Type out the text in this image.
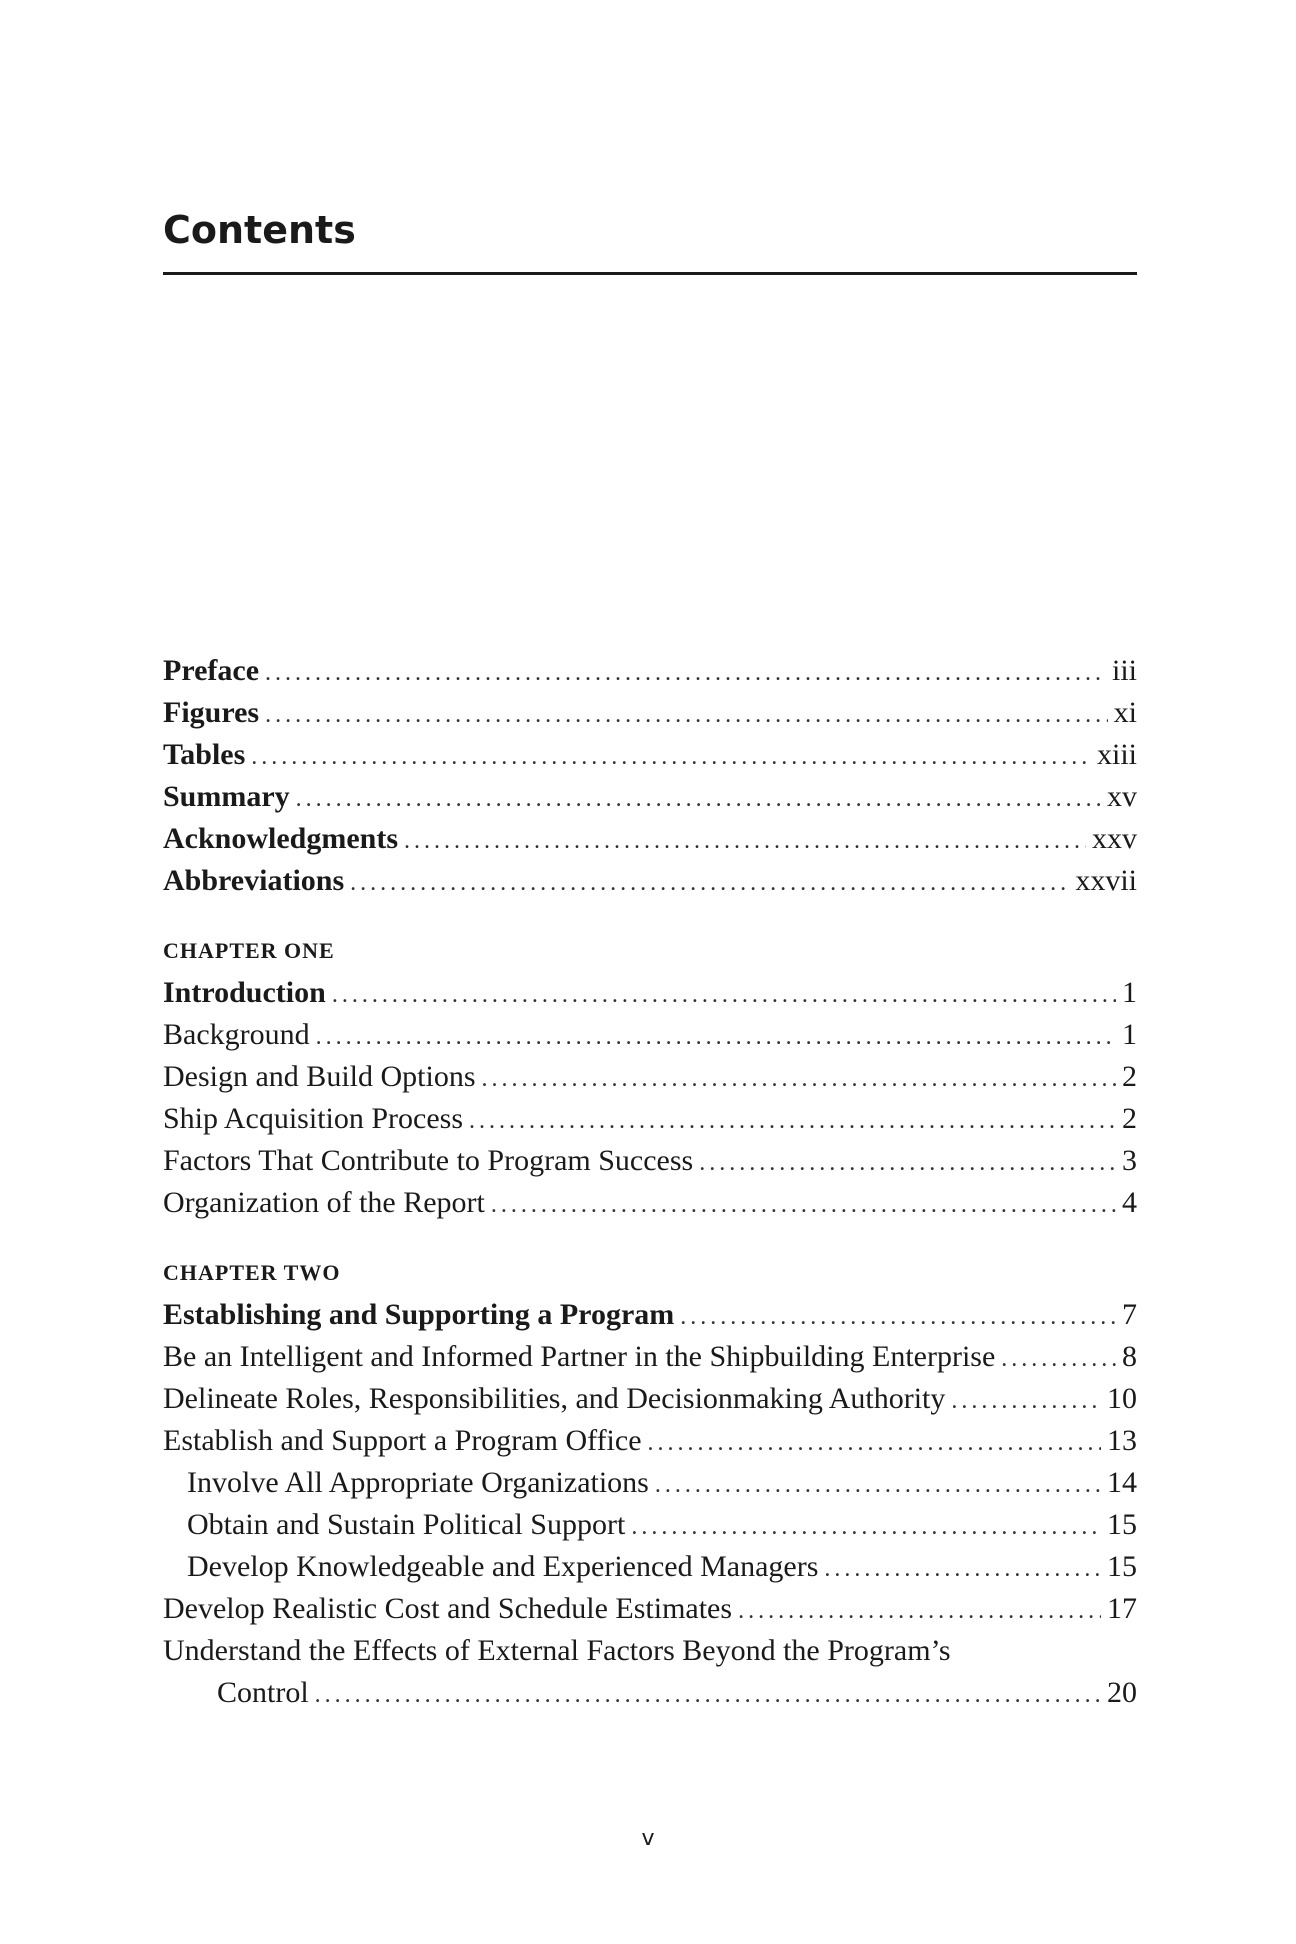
Contents
Preface .....	iii
Figures .....	xi
Tables .....	xiii
Summary .....	xv
Acknowledgments .....	xxv
Abbreviations .....	xxvii
CHAPTER ONE
Introduction .....	1
Background .....	1
Design and Build Options .....	2
Ship Acquisition Process .....	2
Factors That Contribute to Program Success .....	3
Organization of the Report .....	4
CHAPTER TWO
Establishing and Supporting a Program .....	7
Be an Intelligent and Informed Partner in the Shipbuilding Enterprise .....	8
Delineate Roles, Responsibilities, and Decisionmaking Authority .....	10
Establish and Support a Program Office .....	13
Involve All Appropriate Organizations .....	14
Obtain and Sustain Political Support .....	15
Develop Knowledgeable and Experienced Managers .....	15
Develop Realistic Cost and Schedule Estimates .....	17
Understand the Effects of External Factors Beyond the Program’s
Control .....	20
v
